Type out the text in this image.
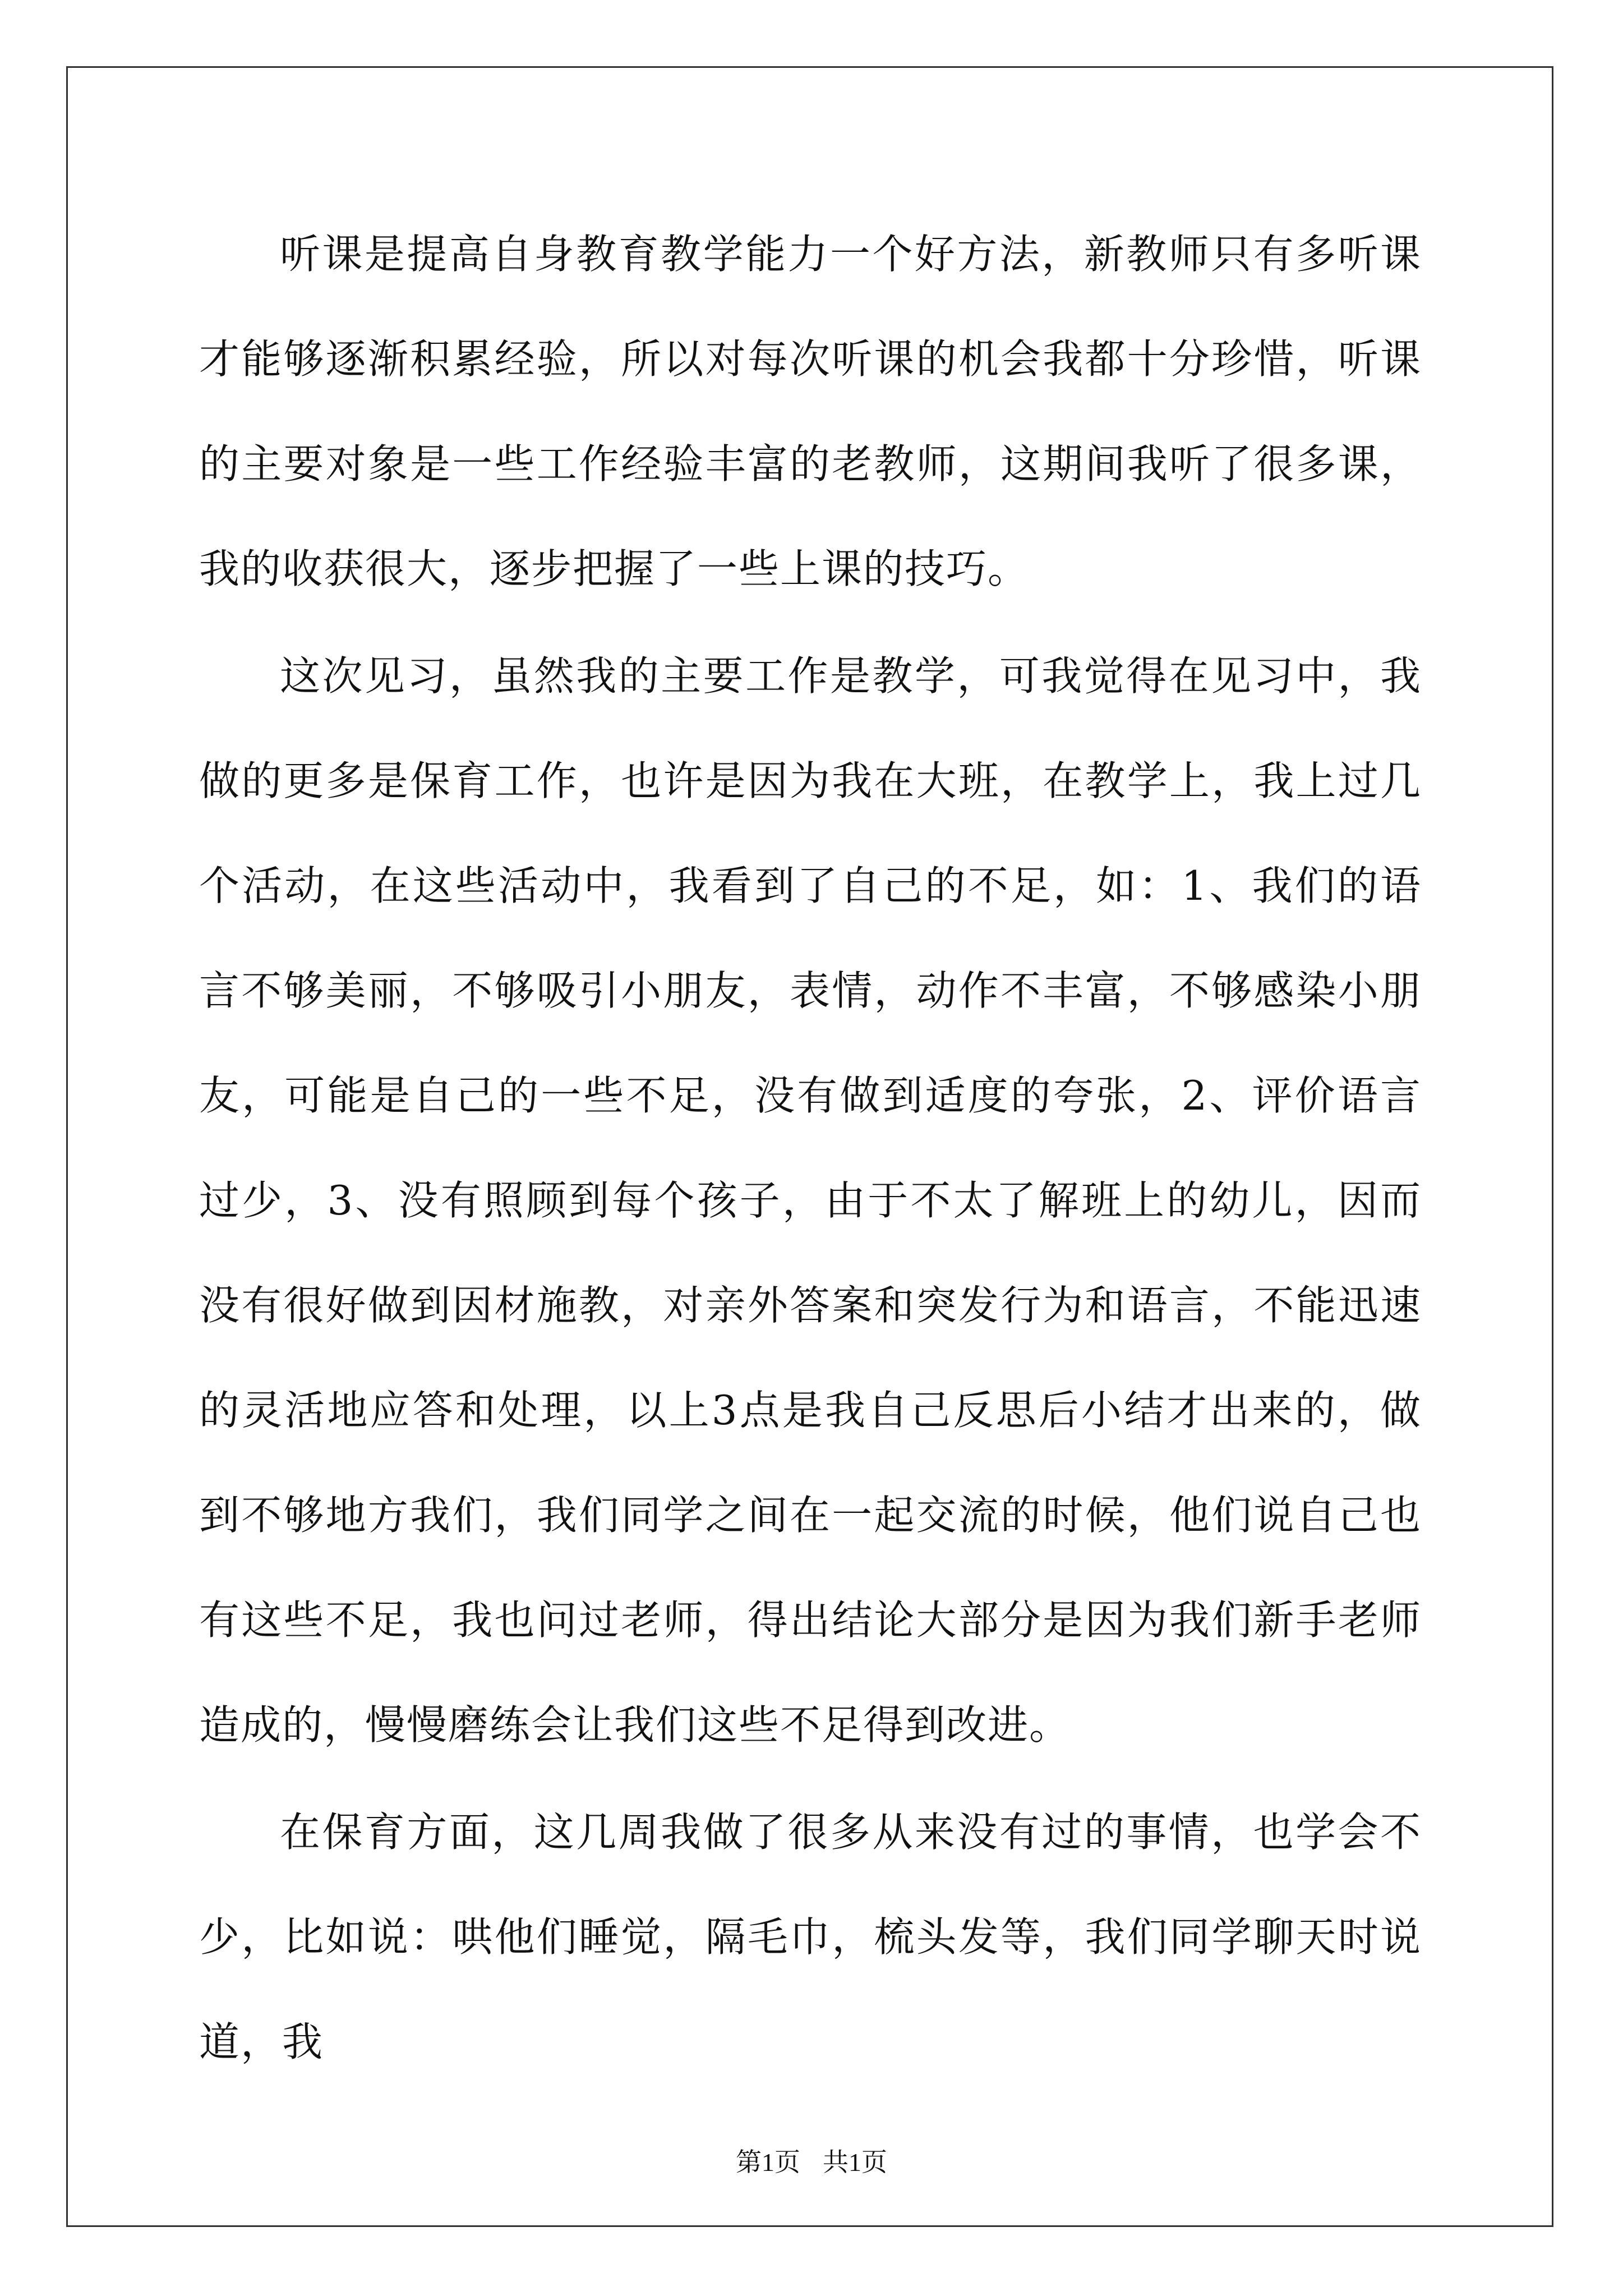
听课是提高自身教育教学能力一个好方法，新教师只有多听课才能够逐渐积累经验，所以对每次听课的机会我都十分珍惜，听课的主要对象是一些工作经验丰富的老教师，这期间我听了很多课，我的收获很大，逐步把握了一些上课的技巧。

这次见习，虽然我的主要工作是教学，可我觉得在见习中，我做的更多是保育工作，也许是因为我在大班，在教学上，我上过几个活动，在这些活动中，我看到了自己的不足，如：1、我们的语言不够美丽，不够吸引小朋友，表情，动作不丰富，不够感染小朋友，可能是自己的一些不足，没有做到适度的夸张，2、评价语言过少，3、没有照顾到每个孩子，由于不太了解班上的幼儿，因而没有很好做到因材施教，对亲外答案和突发行为和语言，不能迅速的灵活地应答和处理，以上3点是我自己反思后小结才出来的，做到不够地方我们，我们同学之间在一起交流的时候，他们说自己也有这些不足，我也问过老师，得出结论大部分是因为我们新手老师造成的，慢慢磨练会让我们这些不足得到改进。

在保育方面，这几周我做了很多从来没有过的事情，也学会不少，比如说：哄他们睡觉，隔毛巾，梳头发等，我们同学聊天时说道，我

第1页 共1页
